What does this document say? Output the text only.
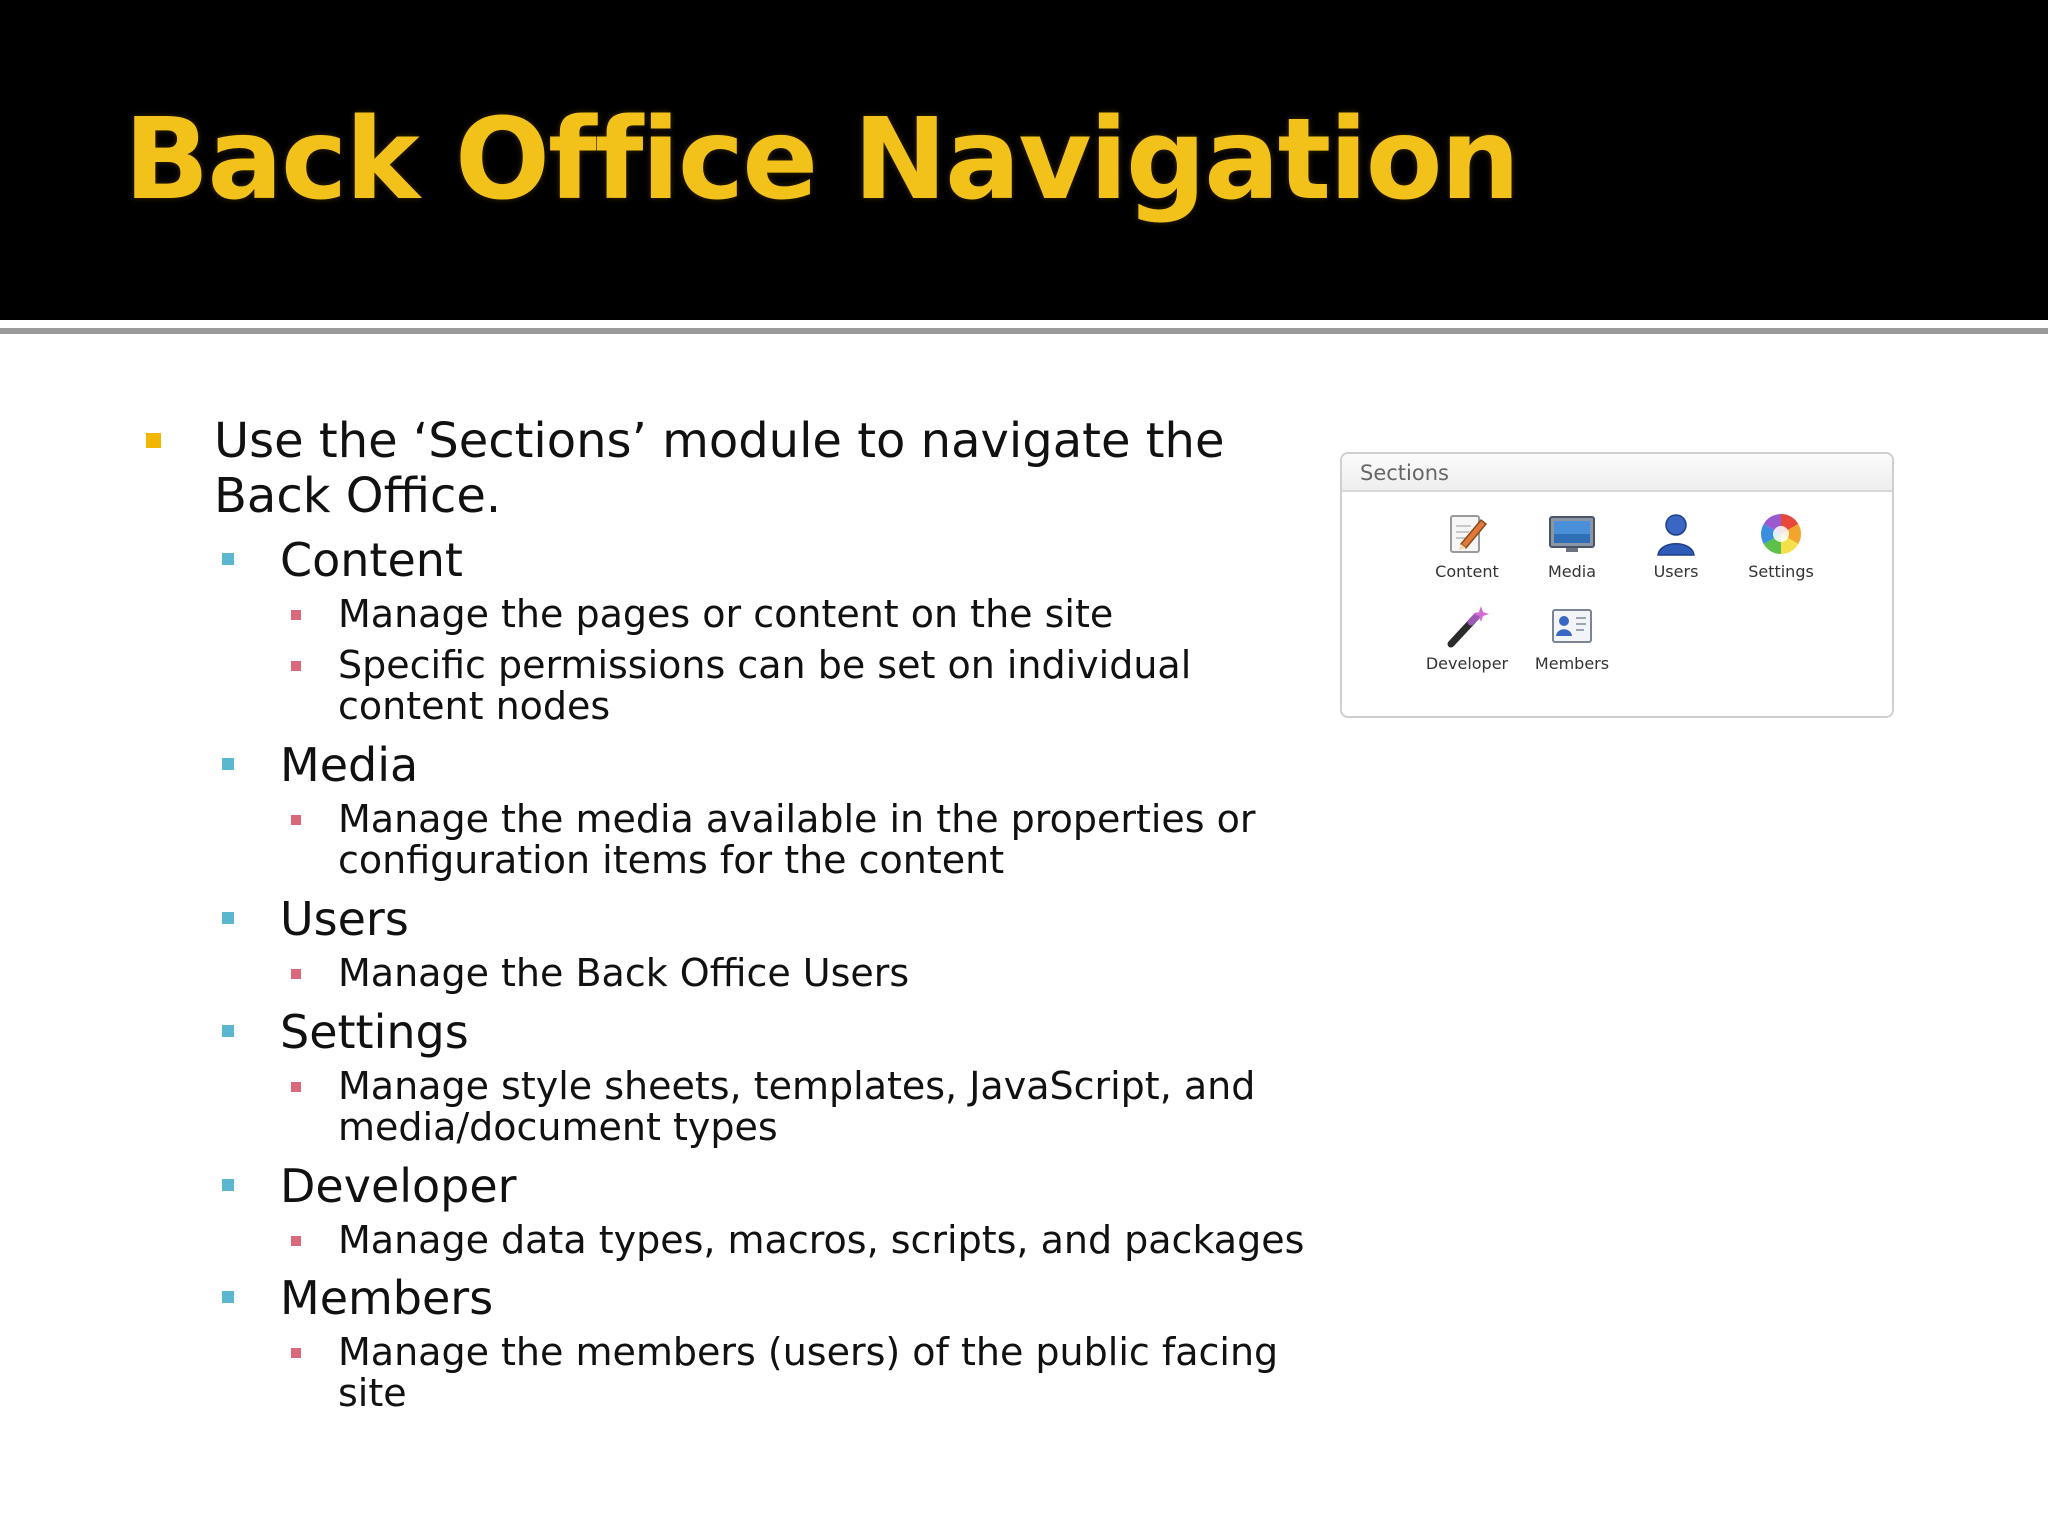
Back Office Navigation
Use the ‘Sections’ module to navigate the Back Office.
Content
Manage the pages or content on the site
Specific permissions can be set on individual content nodes
Media
Manage the media available in the properties or configuration items for the content
Users
Manage the Back Office Users
Settings
Manage style sheets, templates, JavaScript, and media/document types
Developer
Manage data types, macros, scripts, and packages
Members
Manage the members (users) of the public facing site
Sections
Content	Media	Users	Settings
Developer	Members
